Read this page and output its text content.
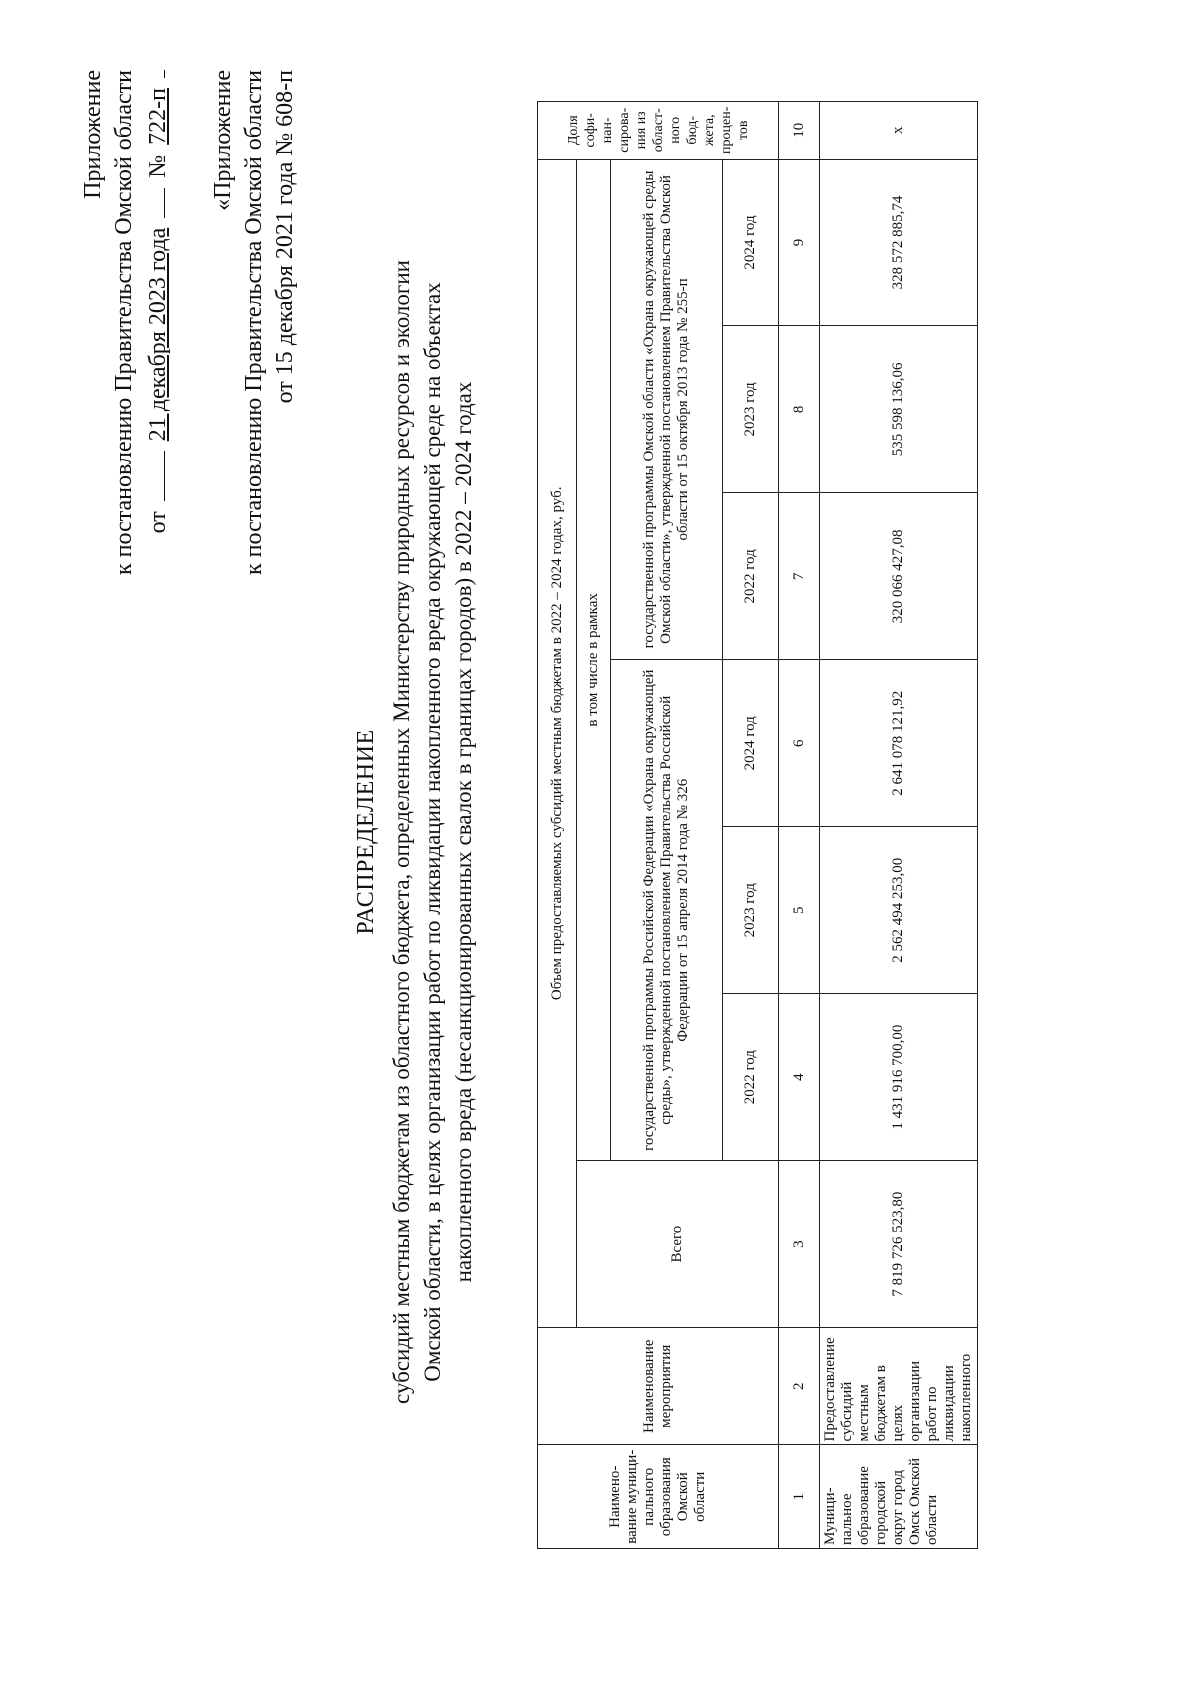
Приложение к постановлению Правительства Омской области от
21 декабря 2023 года
№
722-п «Приложение к постановлению Правительства Омской области от 15 декабря 2021 года № 608-п
РАСПРЕДЕЛЕНИЕ субсидий местным бюджетам из областного бюджета, определенных Министерству природных ресурсов и экологии Омской области, в целях организации работ по ликвидации накопленного вреда окружающей среде на объектах накопленного вреда (несанкционированных свалок в границах городов) в 2022 – 2024 годах
Наимено-вание муници-пального образования Омской области	Наименование мероприятия	Объем предоставляемых субсидий местным бюджетам в 2022 – 2024 годах, руб.							Доля софи-нан-сирова-ния из област-ного бюд-жета, процен-тов
		Всего	в том числе в рамках						
			государственной программы Российской Федерации «Охрана окружающей среды», утвержденной постановлением Правительства Российской Федерации от 15 апреля 2014 года № 326			государственной программы Омской области «Охрана окружающей среды Омской области», утвержденной постановлением Правительства Омской области от 15 октября 2013 года № 255-п			
			2022 год	2023 год	2024 год	2022 год	2023 год	2024 год	
1	2	3	4	5	6	7	8	9	10
Муници-пальное образование городской округ город Омск Омской области	Предоставление субсидий местным бюджетам в целях организации работ по ликвидации накопленного	7 819 726 523,80	1 431 916 700,00	2 562 494 253,00	2 641 078 121,92	320 066 427,08	535 598 136,06	328 572 885,74	х
